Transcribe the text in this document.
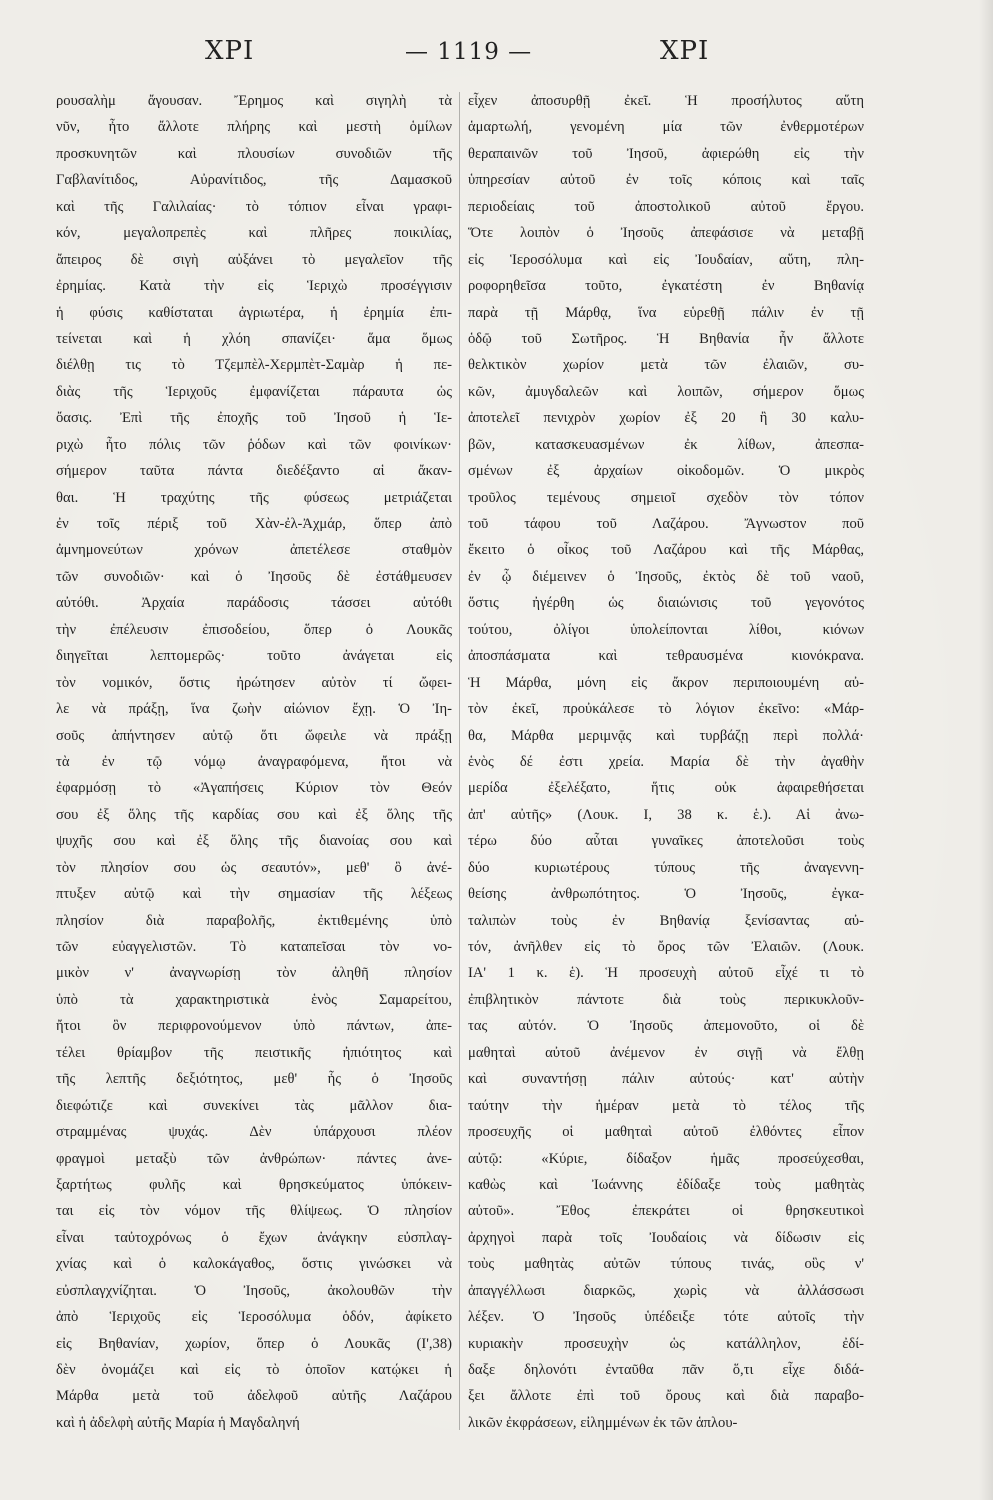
ΧΡΙ	— 1119 —	ΧΡΙ
ρουσαλὴμ ἄγουσαν. Ἔρημος καὶ σιγηλὴ τὰ
νῦν, ἦτο ἄλλοτε πλήρης καὶ μεστὴ ὁμίλων
προσκυνητῶν καὶ πλουσίων συνοδιῶν τῆς
Γαβλανίτιδος, Αὐρανίτιδος, τῆς Δαμασκοῦ
καὶ τῆς Γαλιλαίας· τὸ τόπιον εἶναι γραφι-
κόν, μεγαλοπρεπὲς καὶ πλῆρες ποικιλίας,
ἄπειρος δὲ σιγὴ αὐξάνει τὸ μεγαλεῖον τῆς
ἐρημίας. Κατὰ τὴν εἰς Ἱεριχὼ προσέγγισιν
ἡ φύσις καθίσταται ἀγριωτέρα, ἡ ἐρημία ἐπι-
τείνεται καὶ ἡ χλόη σπανίζει· ἅμα ὅμως
διέλθῃ τις τὸ Τζεμπὲλ-Χερμπὲτ-Σαμὰρ ἡ πε-
διὰς τῆς Ἱεριχοῦς ἐμφανίζεται πάραυτα ὡς
ὄασις. Ἐπὶ τῆς ἐποχῆς τοῦ Ἰησοῦ ἡ Ἱε-
ριχὼ ἦτο πόλις τῶν ῥόδων καὶ τῶν φοινίκων·
σήμερον ταῦτα πάντα διεδέξαντο αἱ ἄκαν-
θαι. Ἡ τραχύτης τῆς φύσεως μετριάζεται
ἐν τοῖς πέριξ τοῦ Χὰν-ἐλ-Ἀχμάρ, ὅπερ ἀπὸ
ἀμνημονεύτων χρόνων ἀπετέλεσε σταθμὸν
τῶν συνοδιῶν· καὶ ὁ Ἰησοῦς δὲ ἐστάθμευσεν
αὐτόθι. Ἀρχαία παράδοσις τάσσει αὐτόθι
τὴν ἐπέλευσιν ἐπισοδείου, ὅπερ ὁ Λουκᾶς
διηγεῖται λεπτομερῶς· τοῦτο ἀνάγεται εἰς
τὸν νομικόν, ὅστις ἠρώτησεν αὐτὸν τί ὤφει-
λε νὰ πράξῃ, ἵνα ζωὴν αἰώνιον ἔχῃ. Ὁ Ἰη-
σοῦς ἀπήντησεν αὐτῷ ὅτι ὤφειλε νὰ πράξῃ
τὰ ἐν τῷ νόμῳ ἀναγραφόμενα, ἤτοι νὰ
ἐφαρμόσῃ τὸ «Ἀγαπήσεις Κύριον τὸν Θεόν
σου ἐξ ὅλης τῆς καρδίας σου καὶ ἐξ ὅλης τῆς
ψυχῆς σου καὶ ἐξ ὅλης τῆς διανοίας σου καὶ
τὸν πλησίον σου ὡς σεαυτόν», μεθ' ὃ ἀνέ-
πτυξεν αὐτῷ καὶ τὴν σημασίαν τῆς λέξεως
πλησίον διὰ παραβολῆς, ἐκτιθεμένης ὑπὸ
τῶν εὐαγγελιστῶν. Τὸ καταπεῖσαι τὸν νο-
μικὸν ν' ἀναγνωρίσῃ τὸν ἀληθῆ πλησίον
ὑπὸ τὰ χαρακτηριστικὰ ἑνὸς Σαμαρείτου,
ἤτοι ὃν περιφρονούμενον ὑπὸ πάντων, ἀπε-
τέλει θρίαμβον τῆς πειστικῆς ἠπιότητος καὶ
τῆς λεπτῆς δεξιότητος, μεθ' ἧς ὁ Ἰησοῦς
διεφώτιζε καὶ συνεκίνει τὰς μᾶλλον δια-
στραμμένας ψυχάς. Δὲν ὑπάρχουσι πλέον
φραγμοὶ μεταξὺ τῶν ἀνθρώπων· πάντες ἀνε-
ξαρτήτως φυλῆς καὶ θρησκεύματος ὑπόκειν-
ται εἰς τὸν νόμον τῆς θλίψεως. Ὁ πλησίον
εἶναι ταὐτοχρόνως ὁ ἔχων ἀνάγκην εὐσπλαγ-
χνίας καὶ ὁ καλοκάγαθος, ὅστις γινώσκει νὰ
εὐσπλαγχνίζηται. Ὁ Ἰησοῦς, ἀκολουθῶν τὴν
ἀπὸ Ἱεριχοῦς εἰς Ἱεροσόλυμα ὁδόν, ἀφίκετο
εἰς Βηθανίαν, χωρίον, ὅπερ ὁ Λουκᾶς (Ι',38)
δὲν ὀνομάζει καὶ εἰς τὸ ὁποῖον κατῴκει ἡ
Μάρθα μετὰ τοῦ ἀδελφοῦ αὐτῆς Λαζάρου
καὶ ἡ ἀδελφὴ αὐτῆς Μαρία ἡ Μαγδαληνή
εἶχεν ἀποσυρθῇ ἐκεῖ. Ἡ προσήλυτος αὕτη
ἁμαρτωλή, γενομένη μία τῶν ἐνθερμοτέρων
θεραπαινῶν τοῦ Ἰησοῦ, ἀφιερώθη εἰς τὴν
ὑπηρεσίαν αὐτοῦ ἐν τοῖς κόποις καὶ ταῖς
περιοδείαις τοῦ ἀποστολικοῦ αὐτοῦ ἔργου.
Ὅτε λοιπὸν ὁ Ἰησοῦς ἀπεφάσισε νὰ μεταβῇ
εἰς Ἱεροσόλυμα καὶ εἰς Ἰουδαίαν, αὕτη, πλη-
ροφορηθεῖσα τοῦτο, ἐγκατέστη ἐν Βηθανίᾳ
παρὰ τῇ Μάρθᾳ, ἵνα εὑρεθῇ πάλιν ἐν τῇ
ὁδῷ τοῦ Σωτῆρος. Ἡ Βηθανία ἦν ἄλλοτε
θελκτικὸν χωρίον μετὰ τῶν ἐλαιῶν, συ-
κῶν, ἀμυγδαλεῶν καὶ λοιπῶν, σήμερον ὅμως
ἀποτελεῖ πενιχρὸν χωρίον ἐξ 20 ἢ 30 καλυ-
βῶν, κατασκευασμένων ἐκ λίθων, ἀπεσπα-
σμένων ἐξ ἀρχαίων οἰκοδομῶν. Ὁ μικρὸς
τροῦλος τεμένους σημειοῖ σχεδὸν τὸν τόπον
τοῦ τάφου τοῦ Λαζάρου. Ἄγνωστον ποῦ
ἔκειτο ὁ οἶκος τοῦ Λαζάρου καὶ τῆς Μάρθας,
ἐν ᾧ διέμεινεν ὁ Ἰησοῦς, ἐκτὸς δὲ τοῦ ναοῦ,
ὅστις ἠγέρθη ὡς διαιώνισις τοῦ γεγονότος
τούτου, ὀλίγοι ὑπολείπονται λίθοι, κιόνων
ἀποσπάσματα καὶ τεθραυσμένα κιονόκρανα.
Ἡ Μάρθα, μόνη εἰς ἄκρον περιποιουμένη αὐ-
τὸν ἐκεῖ, προὐκάλεσε τὸ λόγιον ἐκεῖνο: «Μάρ-
θα, Μάρθα μεριμνᾷς καὶ τυρβάζῃ περὶ πολλά·
ἑνὸς δέ ἐστι χρεία. Μαρία δὲ τὴν ἀγαθὴν
μερίδα ἐξελέξατο, ἥτις οὐκ ἀφαιρεθήσεται
ἀπ' αὐτῆς» (Λουκ. Ι, 38 κ. ἑ.). Αἱ ἀνω-
τέρω δύο αὗται γυναῖκες ἀποτελοῦσι τοὺς
δύο κυριωτέρους τύπους τῆς ἀναγεννη-
θείσης ἀνθρωπότητος. Ὁ Ἰησοῦς, ἐγκα-
ταλιπὼν τοὺς ἐν Βηθανίᾳ ξενίσαντας αὐ-
τόν, ἀνῆλθεν εἰς τὸ ὄρος τῶν Ἐλαιῶν. (Λουκ.
ΙΑ' 1 κ. ἑ). Ἡ προσευχὴ αὐτοῦ εἶχέ τι τὸ
ἐπιβλητικὸν πάντοτε διὰ τοὺς περικυκλοῦν-
τας αὐτόν. Ὁ Ἰησοῦς ἀπεμονοῦτο, οἱ δὲ
μαθηταὶ αὐτοῦ ἀνέμενον ἐν σιγῇ νὰ ἔλθῃ
καὶ συναντήσῃ πάλιν αὐτούς· κατ' αὐτὴν
ταύτην τὴν ἡμέραν μετὰ τὸ τέλος τῆς
προσευχῆς οἱ μαθηταὶ αὐτοῦ ἐλθόντες εἶπον
αὐτῷ: «Κύριε, δίδαξον ἡμᾶς προσεύχεσθαι,
καθὼς καὶ Ἰωάννης ἐδίδαξε τοὺς μαθητὰς
αὐτοῦ». Ἔθος ἐπεκράτει οἱ θρησκευτικοὶ
ἀρχηγοὶ παρὰ τοῖς Ἰουδαίοις νὰ δίδωσιν εἰς
τοὺς μαθητὰς αὐτῶν τύπους τινάς, οὓς ν'
ἀπαγγέλλωσι διαρκῶς, χωρὶς νὰ ἀλλάσσωσι
λέξεν. Ὁ Ἰησοῦς ὑπέδειξε τότε αὐτοῖς τὴν
κυριακὴν προσευχὴν ὡς κατάλληλον, ἐδί-
δαξε δηλονότι ἐνταῦθα πᾶν ὅ,τι εἶχε διδά-
ξει ἄλλοτε ἐπὶ τοῦ ὄρους καὶ διὰ παραβο-
λικῶν ἐκφράσεων, εἰλημμένων ἐκ τῶν ἁπλου-
